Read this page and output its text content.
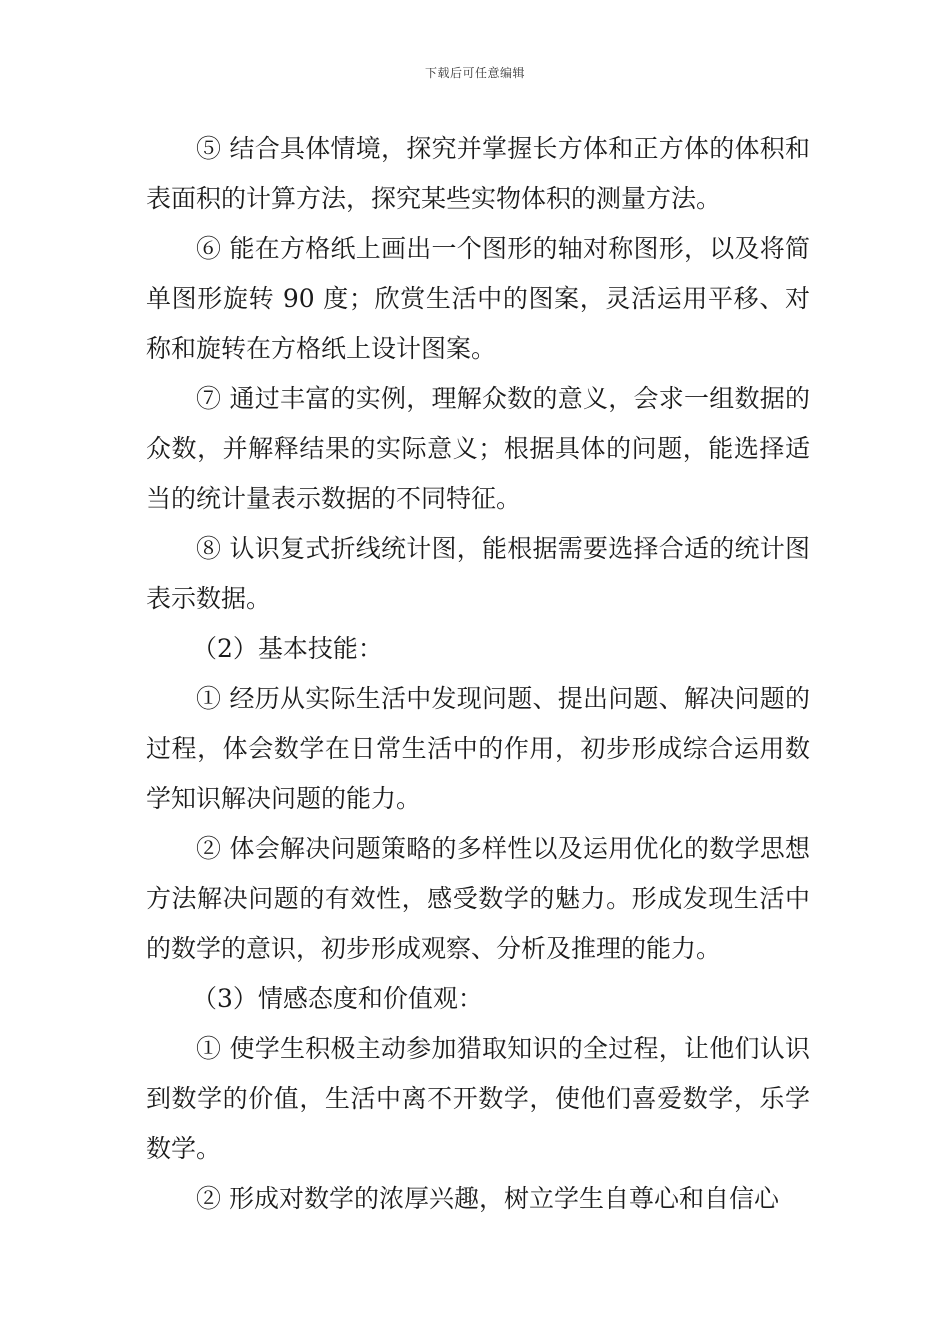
下载后可任意编辑

⑤ 结合具体情境，探究并掌握长方体和正方体的体积和表面积的计算方法，探究某些实物体积的测量方法。

⑥ 能在方格纸上画出一个图形的轴对称图形，以及将简单图形旋转 90 度；欣赏生活中的图案，灵活运用平移、对称和旋转在方格纸上设计图案。

⑦ 通过丰富的实例，理解众数的意义，会求一组数据的众数，并解释结果的实际意义；根据具体的问题，能选择适当的统计量表示数据的不同特征。

⑧ 认识复式折线统计图，能根据需要选择合适的统计图表示数据。

（2）基本技能：

① 经历从实际生活中发现问题、提出问题、解决问题的过程，体会数学在日常生活中的作用，初步形成综合运用数学知识解决问题的能力。

② 体会解决问题策略的多样性以及运用优化的数学思想方法解决问题的有效性，感受数学的魅力。形成发现生活中的数学的意识，初步形成观察、分析及推理的能力。

（3）情感态度和价值观：

① 使学生积极主动参加猎取知识的全过程，让他们认识到数学的价值，生活中离不开数学，使他们喜爱数学，乐学数学。

② 形成对数学的浓厚兴趣，树立学生自尊心和自信心
